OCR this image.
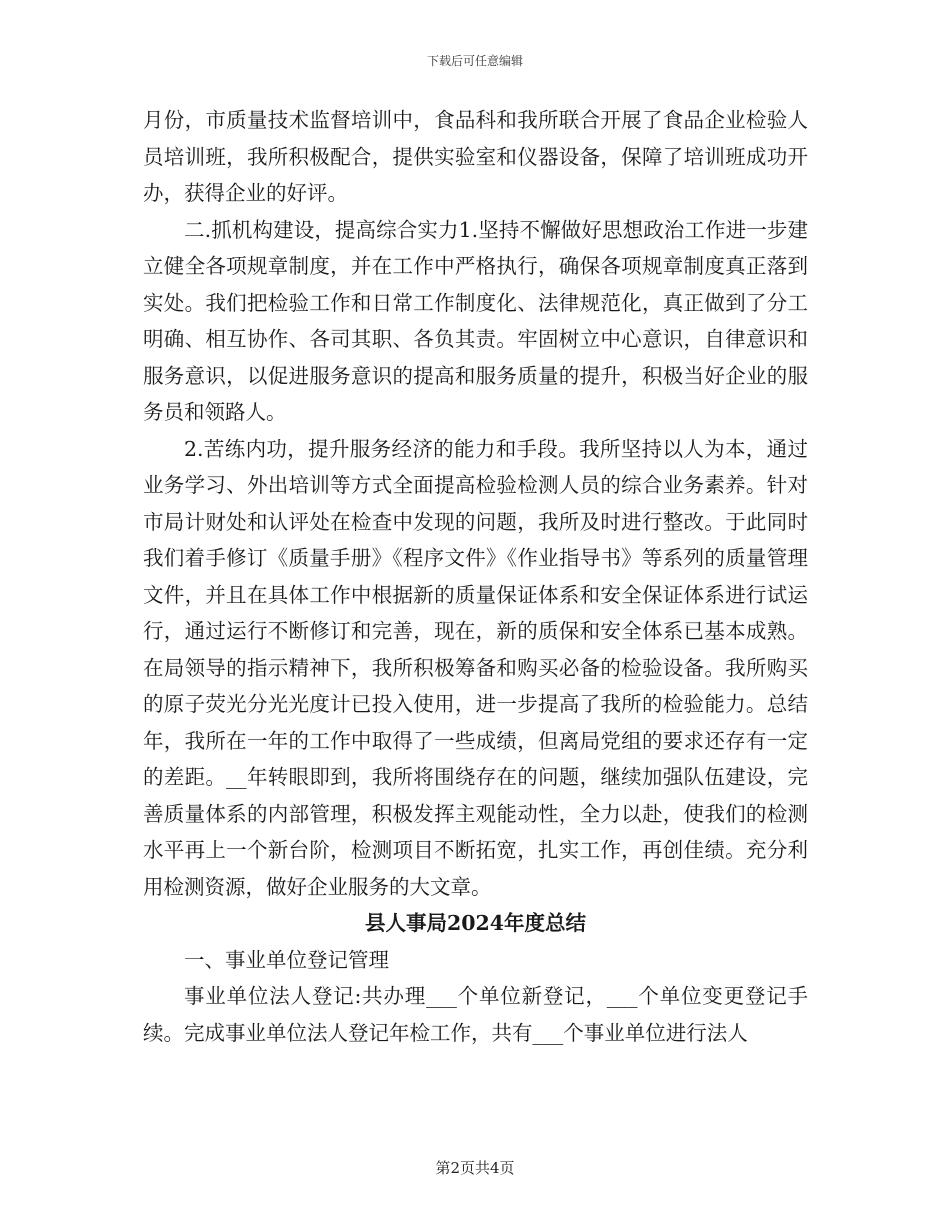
下载后可任意编辑

月份，市质量技术监督培训中，食品科和我所联合开展了食品企业检验人员培训班，我所积极配合，提供实验室和仪器设备，保障了培训班成功开办，获得企业的好评。

二.抓机构建设，提高综合实力1.坚持不懈做好思想政治工作进一步建立健全各项规章制度，并在工作中严格执行，确保各项规章制度真正落到实处。我们把检验工作和日常工作制度化、法律规范化，真正做到了分工明确、相互协作、各司其职、各负其责。牢固树立中心意识，自律意识和服务意识，以促进服务意识的提高和服务质量的提升，积极当好企业的服务员和领路人。

2.苦练内功，提升服务经济的能力和手段。我所坚持以人为本，通过业务学习、外出培训等方式全面提高检验检测人员的综合业务素养。针对市局计财处和认评处在检查中发现的问题，我所及时进行整改。于此同时我们着手修订《质量手册》《程序文件》《作业指导书》等系列的质量管理文件，并且在具体工作中根据新的质量保证体系和安全保证体系进行试运行，通过运行不断修订和完善，现在，新的质保和安全体系已基本成熟。在局领导的指示精神下，我所积极筹备和购买必备的检验设备。我所购买的原子荧光分光光度计已投入使用，进一步提高了我所的检验能力。总结年，我所在一年的工作中取得了一些成绩，但离局党组的要求还存有一定的差距。__年转眼即到，我所将围绕存在的问题，继续加强队伍建设，完善质量体系的内部管理，积极发挥主观能动性，全力以赴，使我们的检测水平再上一个新台阶，检测项目不断拓宽，扎实工作，再创佳绩。充分利用检测资源，做好企业服务的大文章。

县人事局2024年度总结

一、事业单位登记管理

事业单位法人登记:共办理___个单位新登记，___个单位变更登记手续。完成事业单位法人登记年检工作，共有___个事业单位进行法人

第2页共4页
